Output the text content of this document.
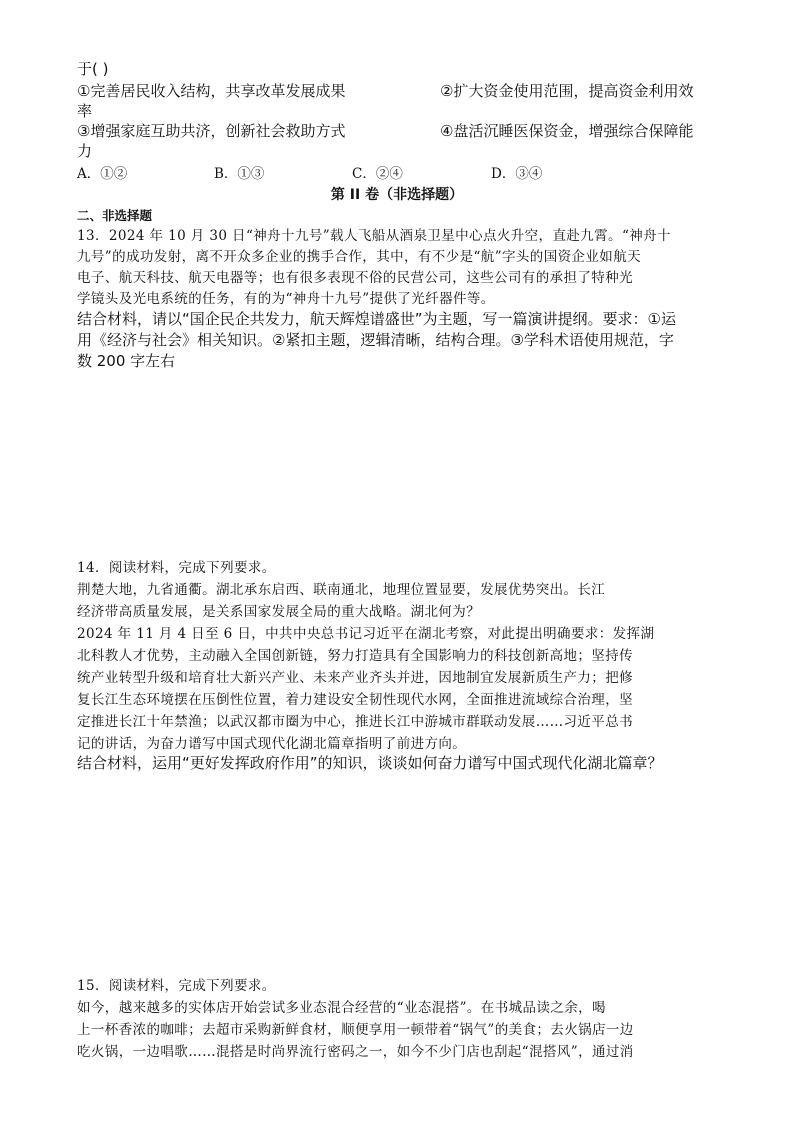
于( )
①完善居民收入结构，共享改革发展成果	②扩大资金使用范围，提高资金利用效
率
③增强家庭互助共济，创新社会救助方式	④盘活沉睡医保资金，增强综合保障能
力
A．①②	B．①③	C．②④	D．③④
第 II 卷（非选择题）
二、非选择题
13．2024 年 10 月 30 日“神舟十九号”载人飞船从酒泉卫星中心点火升空，直赴九霄。“神舟十
九号”的成功发射，离不开众多企业的携手合作，其中，有不少是“航”字头的国资企业如航天
电子、航天科技、航天电器等；也有很多表现不俗的民营公司，这些公司有的承担了特种光
学镜头及光电系统的任务，有的为“神舟十九号”提供了光纤器件等。
结合材料，请以“国企民企共发力，航天辉煌谱盛世”为主题，写一篇演讲提纲。要求：①运
用《经济与社会》相关知识。②紧扣主题，逻辑清晰，结构合理。③学科术语使用规范，字
数 200 字左右
14．阅读材料，完成下列要求。
荆楚大地，九省通衢。湖北承东启西、联南通北，地理位置显要，发展优势突出。长江
经济带高质量发展，是关系国家发展全局的重大战略。湖北何为？
2024 年 11 月 4 日至 6 日，中共中央总书记习近平在湖北考察，对此提出明确要求：发挥湖
北科教人才优势，主动融入全国创新链，努力打造具有全国影响力的科技创新高地；坚持传
统产业转型升级和培育壮大新兴产业、未来产业齐头并进，因地制宜发展新质生产力；把修
复长江生态环境摆在压倒性位置，着力建设安全韧性现代水网，全面推进流域综合治理，坚
定推进长江十年禁渔；以武汉都市圈为中心，推进长江中游城市群联动发展……习近平总书
记的讲话，为奋力谱写中国式现代化湖北篇章指明了前进方向。
结合材料，运用“更好发挥政府作用”的知识，谈谈如何奋力谱写中国式现代化湖北篇章？
15．阅读材料，完成下列要求。
如今，越来越多的实体店开始尝试多业态混合经营的“业态混搭”。在书城品读之余，喝
上一杯香浓的咖啡；去超市采购新鲜食材，顺便享用一顿带着“锅气”的美食；去火锅店一边
吃火锅，一边唱歌……混搭是时尚界流行密码之一，如今不少门店也刮起“混搭风”，通过消
